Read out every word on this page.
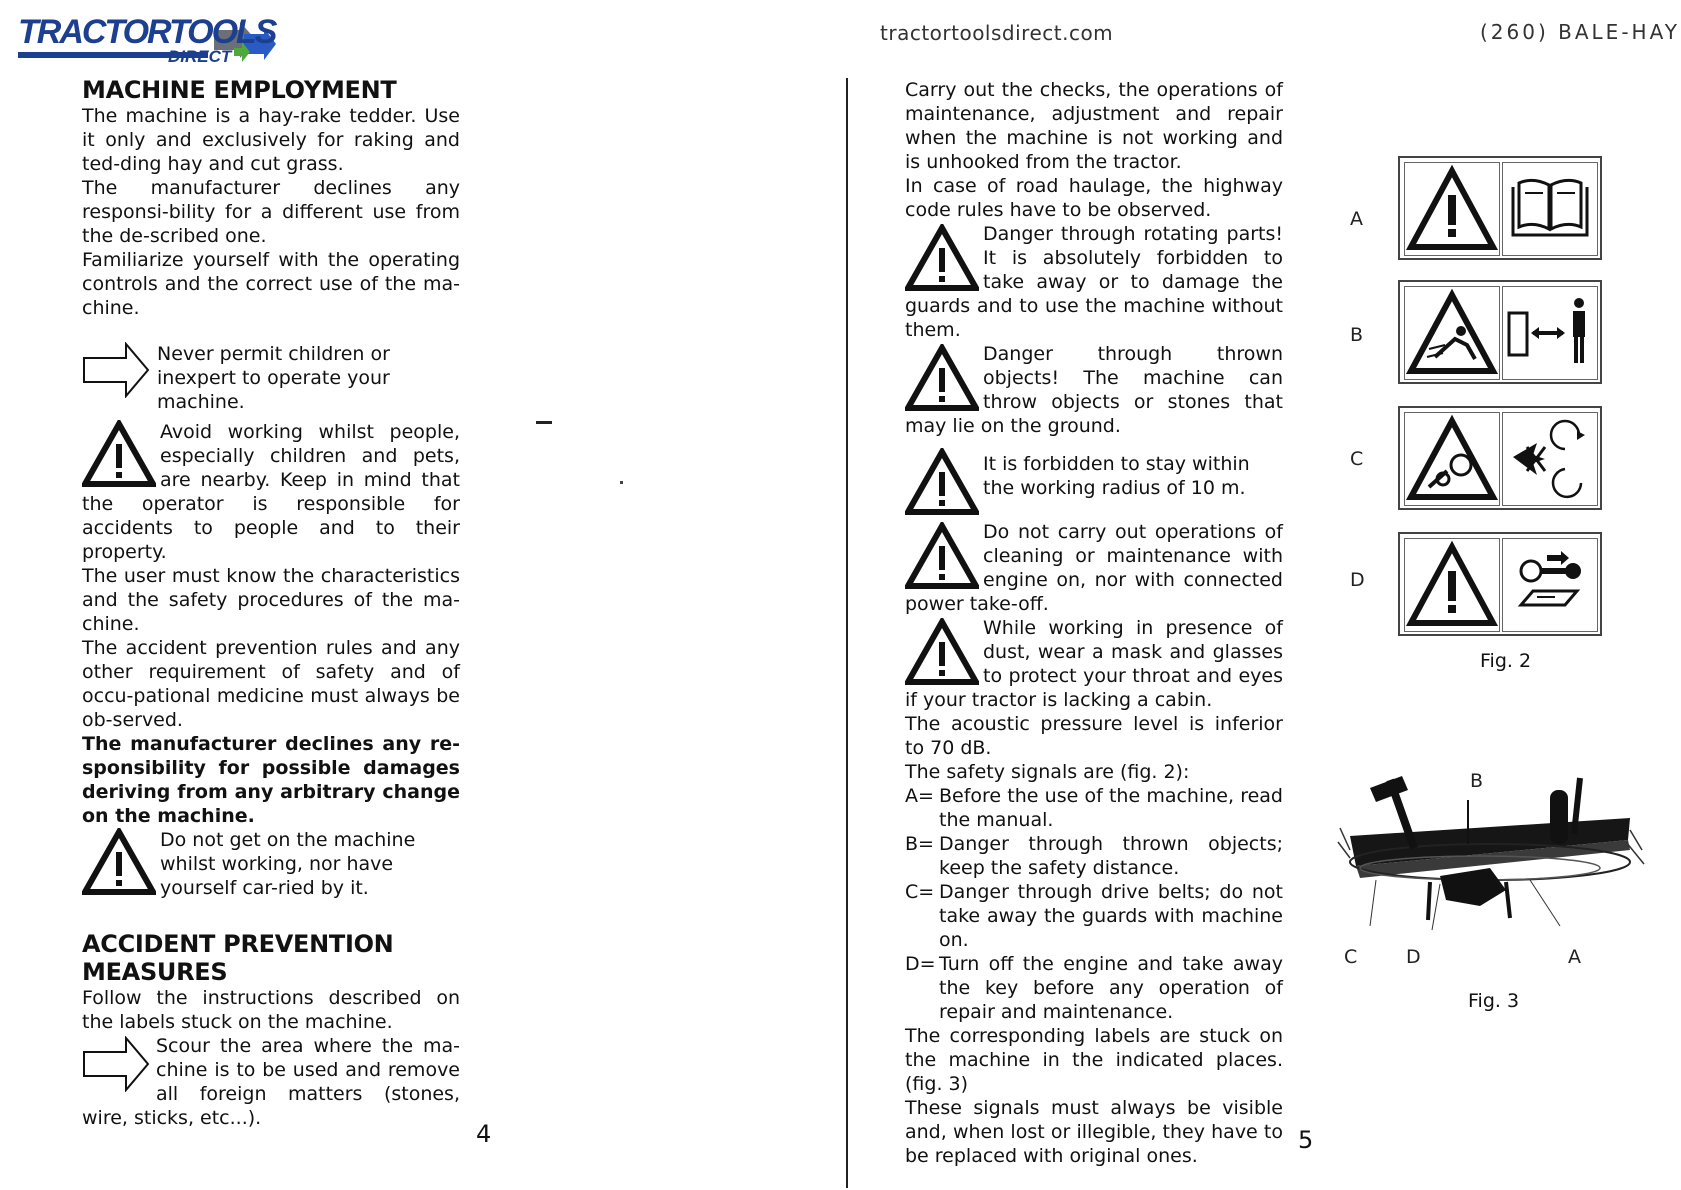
TRACTORTOOLS
DIRECT
tractortoolsdirect.com	(260) BALE-HAY
MACHINE EMPLOYMENT

The machine is a hay-rake tedder. Use it only and exclusively for raking and ted-ding hay and cut grass.

The manufacturer declines any responsi-bility for a different use from the de-scribed one.

Familiarize yourself with the operating controls and the correct use of the ma-chine.

Never permit children or inexpert to operate your machine.

Avoid working whilst people, especially children and pets, are nearby. Keep in mind that the operator is responsible for accidents to people and to their property.

The user must know the characteristics and the safety procedures of the ma-chine.

The accident prevention rules and any other requirement of safety and of occu-pational medicine must always be ob-served.

The manufacturer declines any re-sponsibility for possible damages deriving from any arbitrary change on the machine.

Do not get on the machine whilst working, nor have yourself car-ried by it.

ACCIDENT PREVENTION
MEASURES

Follow the instructions described on the labels stuck on the machine.

Scour the area where the ma-chine is to be used and remove all foreign matters (stones, wire, sticks, etc...).

4

Carry out the checks, the operations of maintenance, adjustment and repair when the machine is not working and is unhooked from the tractor.

In case of road haulage, the highway code rules have to be observed.

Danger through rotating parts! It is absolutely forbidden to take away or to damage the guards and to use the machine without them.

Danger through thrown objects! The machine can throw objects or stones that may lie on the ground.

It is forbidden to stay within the working radius of 10 m.

Do not carry out operations of cleaning or maintenance with engine on, nor with connected power take-off.

While working in presence of dust, wear a mask and glasses to protect your throat and eyes if your tractor is lacking a cabin.

The acoustic pressure level is inferior to 70 dB.

The safety signals are (fig. 2):

A= Before the use of the machine, read the manual.
B= Danger through thrown objects; keep the safety distance.
C= Danger through drive belts; do not take away the guards with machine on.
D= Turn off the engine and take away the key before any operation of repair and maintenance.

The corresponding labels are stuck on the machine in the indicated places. (fig. 3)

These signals must always be visible and, when lost or illegible, they have to be replaced with original ones.

5
A
B
C
D
Fig. 2
B
C	D	A
Fig. 3
